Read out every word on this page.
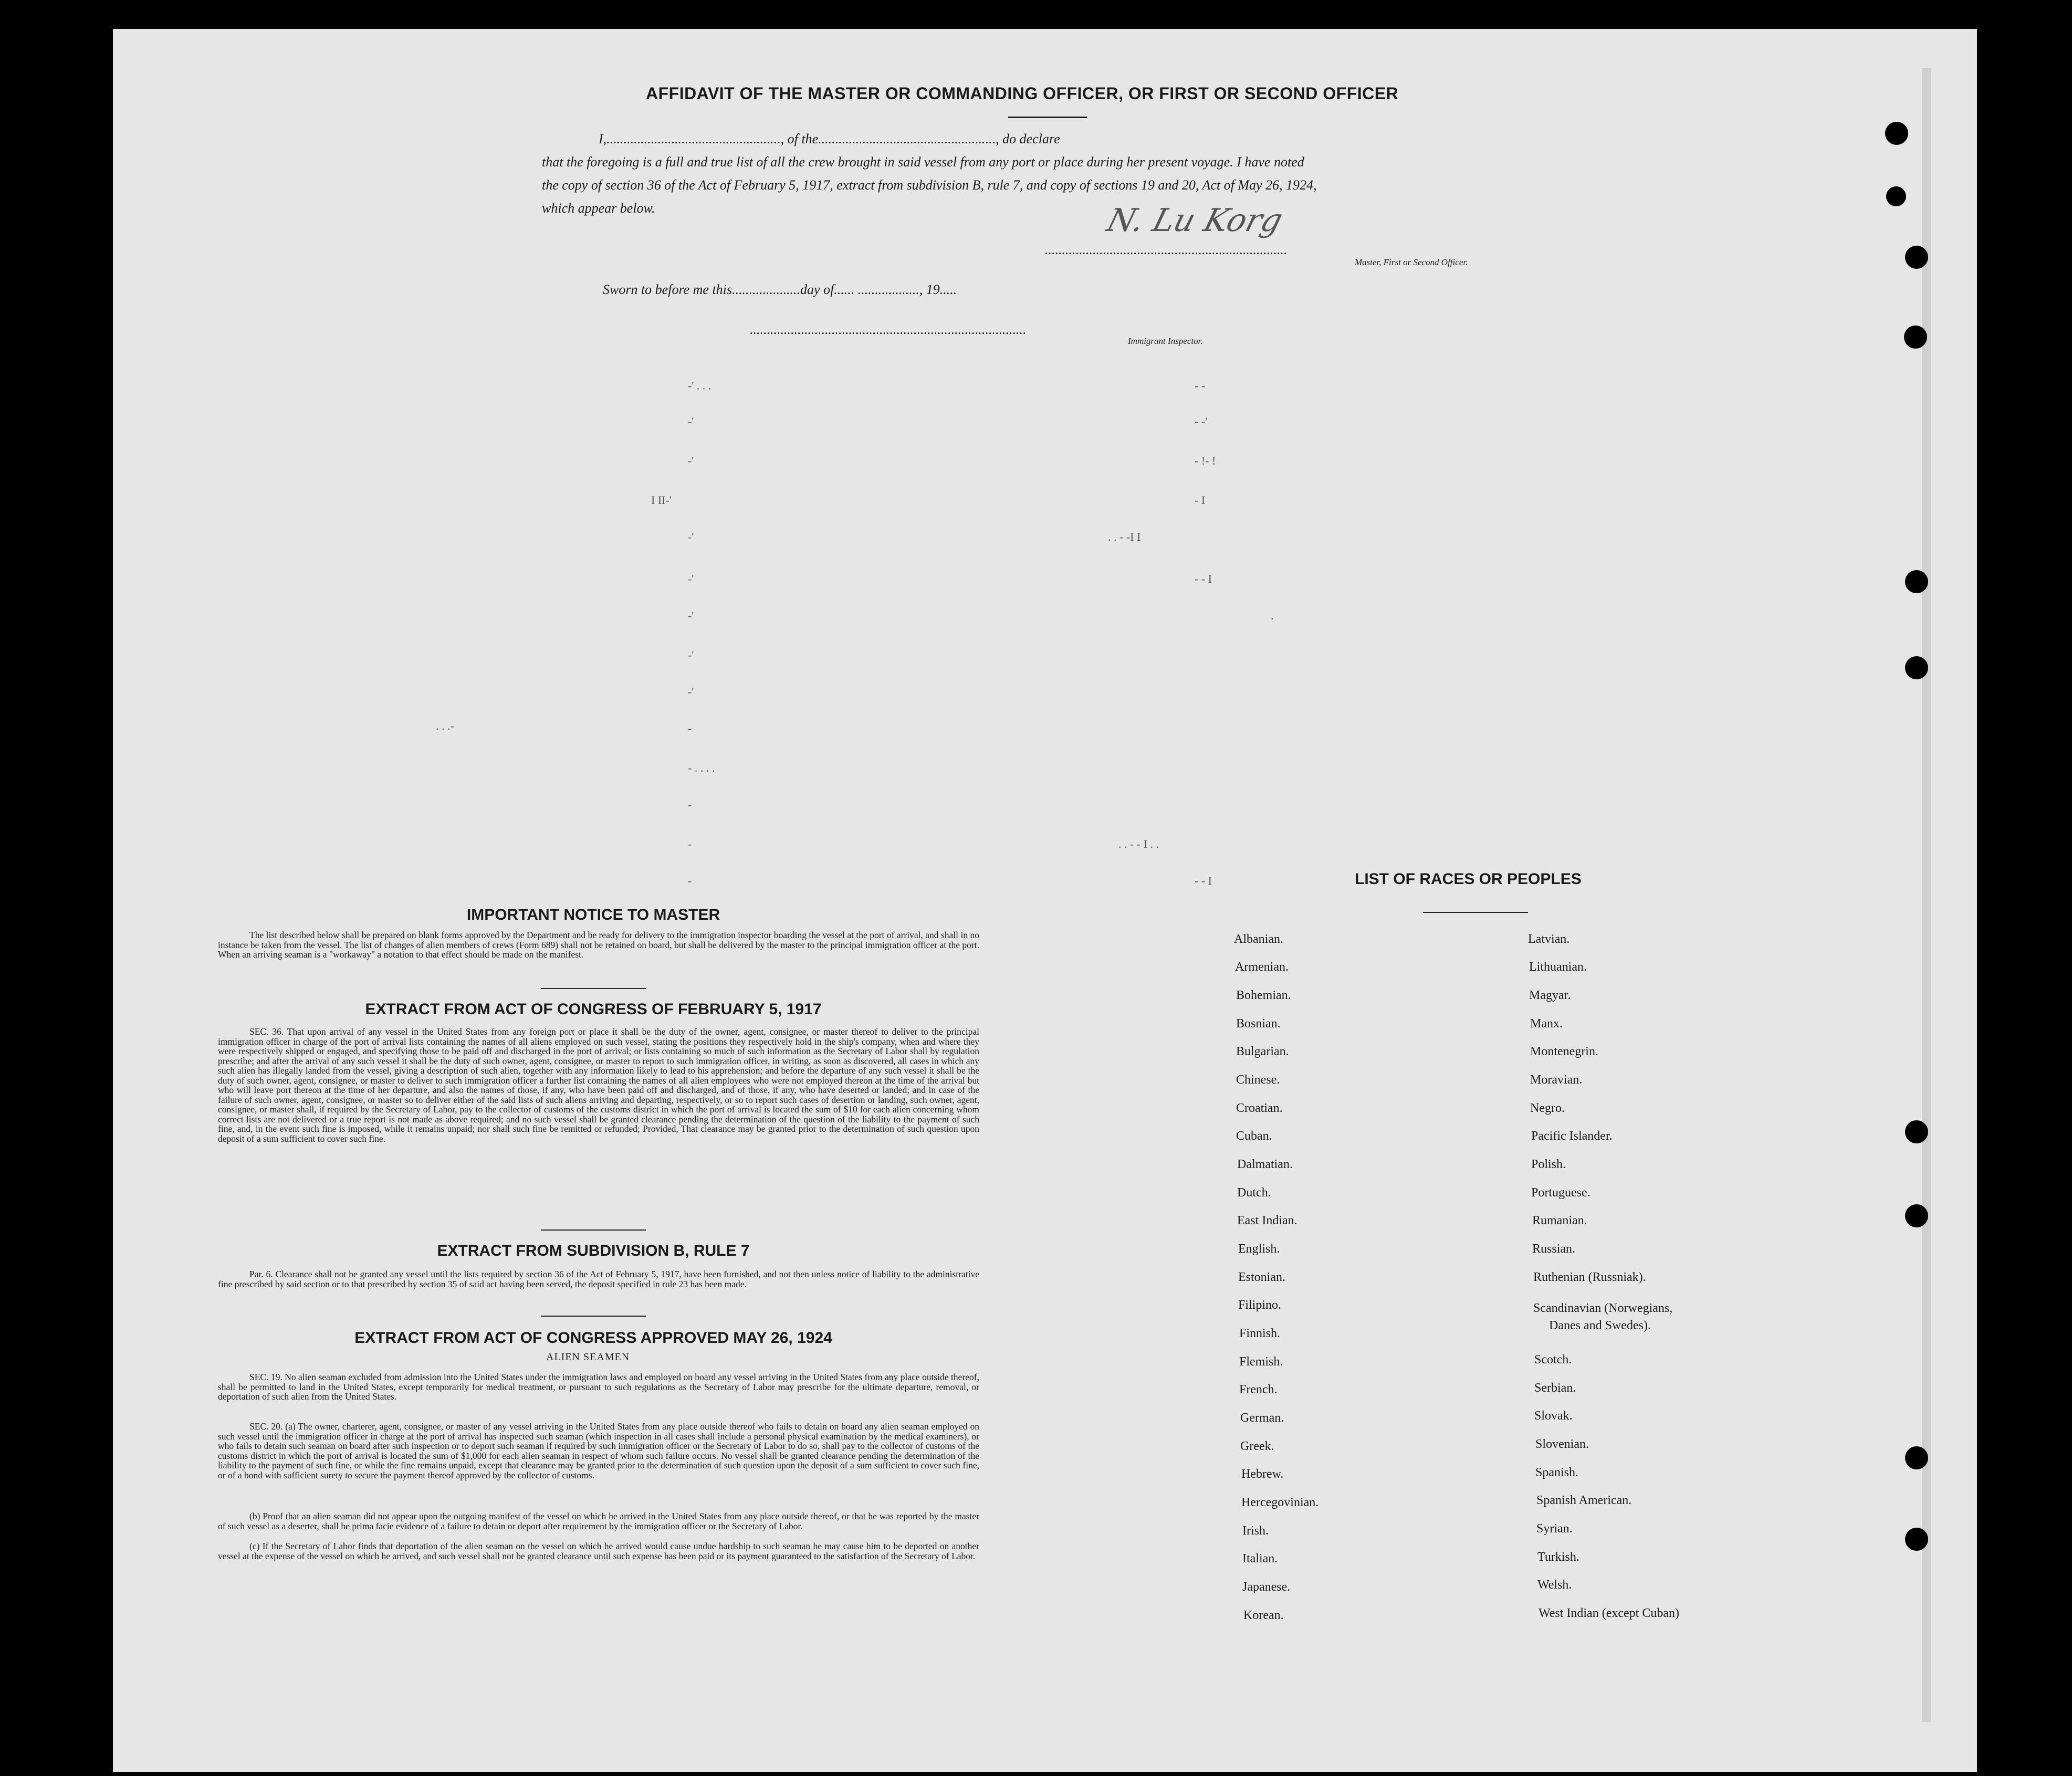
AFFIDAVIT OF THE MASTER OR COMMANDING OFFICER, OR FIRST OR SECOND OFFICER
I,..................................................., of the...................................................., do declare
that the foregoing is a full and true list of all the crew brought in said vessel from any port or place during her present voyage. I have noted
the copy of section 36 of the Act of February 5, 1917, extract from subdivision B, rule 7, and copy of sections 19 and 20, Act of May 26, 1924,
which appear below.
.......................................................................
N. Lu Korg
Master, First or Second Officer.
Sworn to before me this....................day of...... .................., 19.....
.................................................................................
Immigrant Inspector.
-' . . .	- -
-'	- -'
-'	- !- !
I II-'	- I
-'	. . - -I I
-'	- - I
-'	.
-'
-'
. . .-	-
- . . . .
-
-	. . - - I . .
-	- - I
IMPORTANT NOTICE TO MASTER

The list described below shall be prepared on blank forms approved by the Department and be ready for delivery to the immigration inspector boarding the vessel at the port of arrival, and shall in no instance be taken from the vessel. The list of changes of alien members of crews (Form 689) shall not be retained on board, but shall be delivered by the master to the principal immigration officer at the port. When an arriving seaman is a "workaway" a notation to that effect should be made on the manifest.

EXTRACT FROM ACT OF CONGRESS OF FEBRUARY 5, 1917

SEC. 36. That upon arrival of any vessel in the United States from any foreign port or place it shall be the duty of the owner, agent, consignee, or master thereof to deliver to the principal immigration officer in charge of the port of arrival lists containing the names of all aliens employed on such vessel, stating the positions they respectively hold in the ship's company, when and where they were respectively shipped or engaged, and specifying those to be paid off and discharged in the port of arrival; or lists containing so much of such information as the Secretary of Labor shall by regulation prescribe; and after the arrival of any such vessel it shall be the duty of such owner, agent, consignee, or master to report to such immigration officer, in writing, as soon as discovered, all cases in which any such alien has illegally landed from the vessel, giving a description of such alien, together with any information likely to lead to his apprehension; and before the departure of any such vessel it shall be the duty of such owner, agent, consignee, or master to deliver to such immigration officer a further list containing the names of all alien employees who were not employed thereon at the time of the arrival but who will leave port thereon at the time of her departure, and also the names of those, if any, who have been paid off and discharged, and of those, if any, who have deserted or landed; and in case of the failure of such owner, agent, consignee, or master so to deliver either of the said lists of such aliens arriving and departing, respectively, or so to report such cases of desertion or landing, such owner, agent, consignee, or master shall, if required by the Secretary of Labor, pay to the collector of customs of the customs district in which the port of arrival is located the sum of $10 for each alien concerning whom correct lists are not delivered or a true report is not made as above required; and no such vessel shall be granted clearance pending the determination of the question of the liability to the payment of such fine, and, in the event such fine is imposed, while it remains unpaid; nor shall such fine be remitted or refunded; Provided, That clearance may be granted prior to the determination of such question upon deposit of a sum sufficient to cover such fine.

EXTRACT FROM SUBDIVISION B, RULE 7

Par. 6. Clearance shall not be granted any vessel until the lists required by section 36 of the Act of February 5, 1917, have been furnished, and not then unless notice of liability to the administrative fine prescribed by said section or to that prescribed by section 35 of said act having been served, the deposit specified in rule 23 has been made.

EXTRACT FROM ACT OF CONGRESS APPROVED MAY 26, 1924
ALIEN SEAMEN

SEC. 19. No alien seaman excluded from admission into the United States under the immigration laws and employed on board any vessel arriving in the United States from any place outside thereof, shall be permitted to land in the United States, except temporarily for medical treatment, or pursuant to such regulations as the Secretary of Labor may prescribe for the ultimate departure, removal, or deportation of such alien from the United States.

SEC. 20. (a) The owner, charterer, agent, consignee, or master of any vessel arriving in the United States from any place outside thereof who fails to detain on board any alien seaman employed on such vessel until the immigration officer in charge at the port of arrival has inspected such seaman (which inspection in all cases shall include a personal physical examination by the medical examiners), or who fails to detain such seaman on board after such inspection or to deport such seaman if required by such immigration officer or the Secretary of Labor to do so, shall pay to the collector of customs of the customs district in which the port of arrival is located the sum of $1,000 for each alien seaman in respect of whom such failure occurs. No vessel shall be granted clearance pending the determination of the liability to the payment of such fine, or while the fine remains unpaid, except that clearance may be granted prior to the determination of such question upon the deposit of a sum sufficient to cover such fine, or of a bond with sufficient surety to secure the payment thereof approved by the collector of customs.

(b) Proof that an alien seaman did not appear upon the outgoing manifest of the vessel on which he arrived in the United States from any place outside thereof, or that he was reported by the master of such vessel as a deserter, shall be prima facie evidence of a failure to detain or deport after requirement by the immigration officer or the Secretary of Labor.

(c) If the Secretary of Labor finds that deportation of the alien seaman on the vessel on which he arrived would cause undue hardship to such seaman he may cause him to be deported on another vessel at the expense of the vessel on which he arrived, and such vessel shall not be granted clearance until such expense has been paid or its payment guaranteed to the satisfaction of the Secretary of Labor.

LIST OF RACES OR PEOPLES
Albanian.
Armenian.
Bohemian.
Bosnian.
Bulgarian.
Chinese.
Croatian.
Cuban.
Dalmatian.
Dutch.
East Indian.
English.
Estonian.
Filipino.
Finnish.
Flemish.
French.
German.
Greek.
Hebrew.
Hercegovinian.
Irish.
Italian.
Japanese.
Korean.
Latvian.
Lithuanian.
Magyar.
Manx.
Montenegrin.
Moravian.
Negro.
Pacific Islander.
Polish.
Portuguese.
Rumanian.
Russian.
Ruthenian (Russniak).
Scandinavian (Norwegians,
Danes and Swedes).
Scotch.
Serbian.
Slovak.
Slovenian.
Spanish.
Spanish American.
Syrian.
Turkish.
Welsh.
West Indian (except Cuban)
